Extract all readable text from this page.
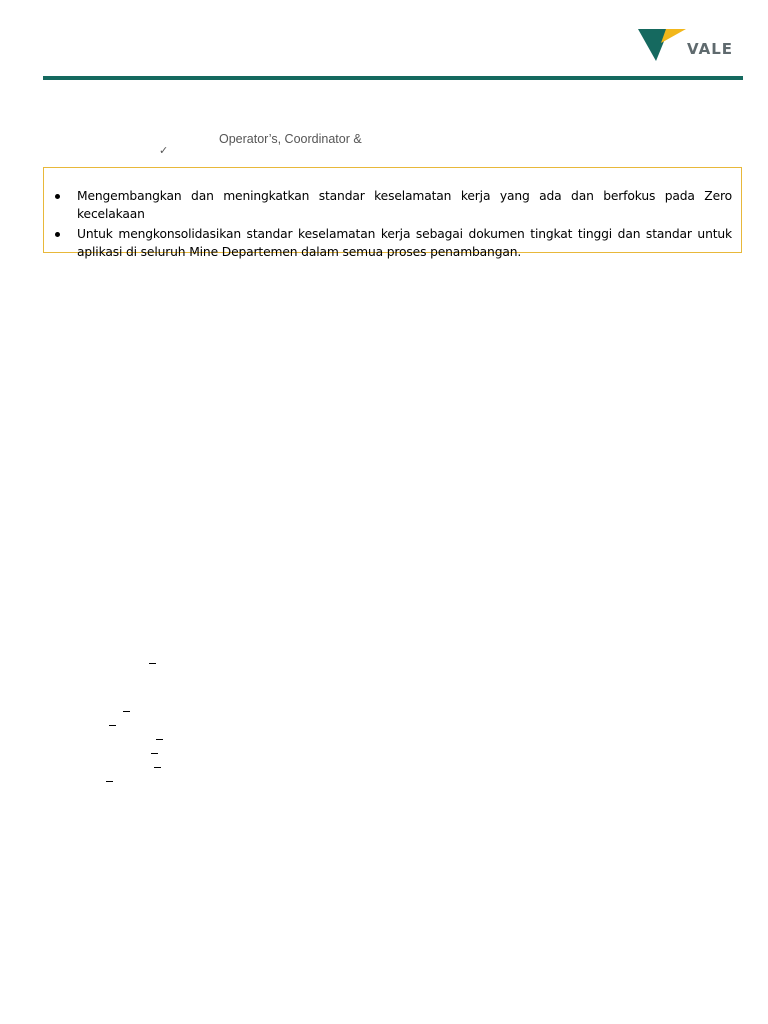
VALE
Operator’s, Coordinator &
✓
Mengembangkan dan meningkatkan standar keselamatan kerja yang ada dan berfokus pada Zero kecelakaan
Untuk mengkonsolidasikan standar keselamatan kerja sebagai dokumen tingkat tinggi dan standar untuk aplikasi di seluruh Mine Departemen dalam semua proses penambangan.
